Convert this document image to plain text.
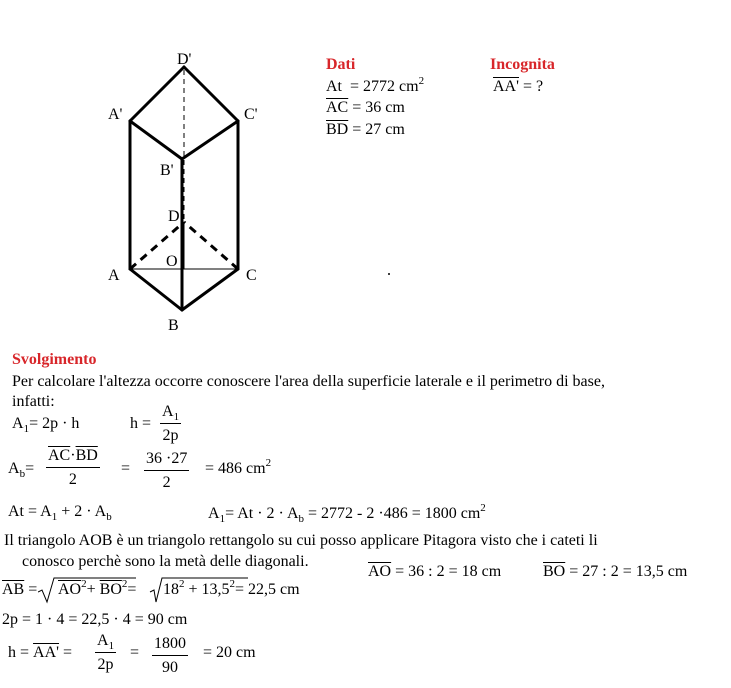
D'
A'	C'
B'
D
A
O
C
B
Dati
At = 2772 $cm^2$
$\overline{AC} = 36$ cm
$\overline{BD} = 27$ cm
Incognita
AA' = ?
Svolgimento
Per calcolare l'altezza occorre conoscere l'area della superficie laterale e il perimetro di base,
infatti:
$A_1= 2p \cdot h$	h =
$A_1$
2p
$A_b=$
$\overline{AC}\cdot\overline{BD}$
2
=
36 ·27
2
= 486 $cm^2$
$At = A_1 + 2 \cdot A_b$	$A_1= At \cdot 2 \cdot A_b = 2772 - 2 \cdot 486 = 1800$ $cm^2$
Il triangolo AOB è un triangolo rettangolo su cui posso applicare Pitagora visto che i cateti li
conosco perchè sono la metà delle diagonali.
$\overline{AO} = 36$ : 2 = 18 cm	$\overline{BO} = 27$ : 2 = 13,5 cm
$\overline{AB} = \overline{AO}^2+ \overline{BO}^2= 18^2 + 13,5^2= 22,5$ cm
2p = 1 · 4 = 22,5 · 4 = 90 cm
h = AA' =
$A_1$
2p
=
1800
90
= 20 cm
